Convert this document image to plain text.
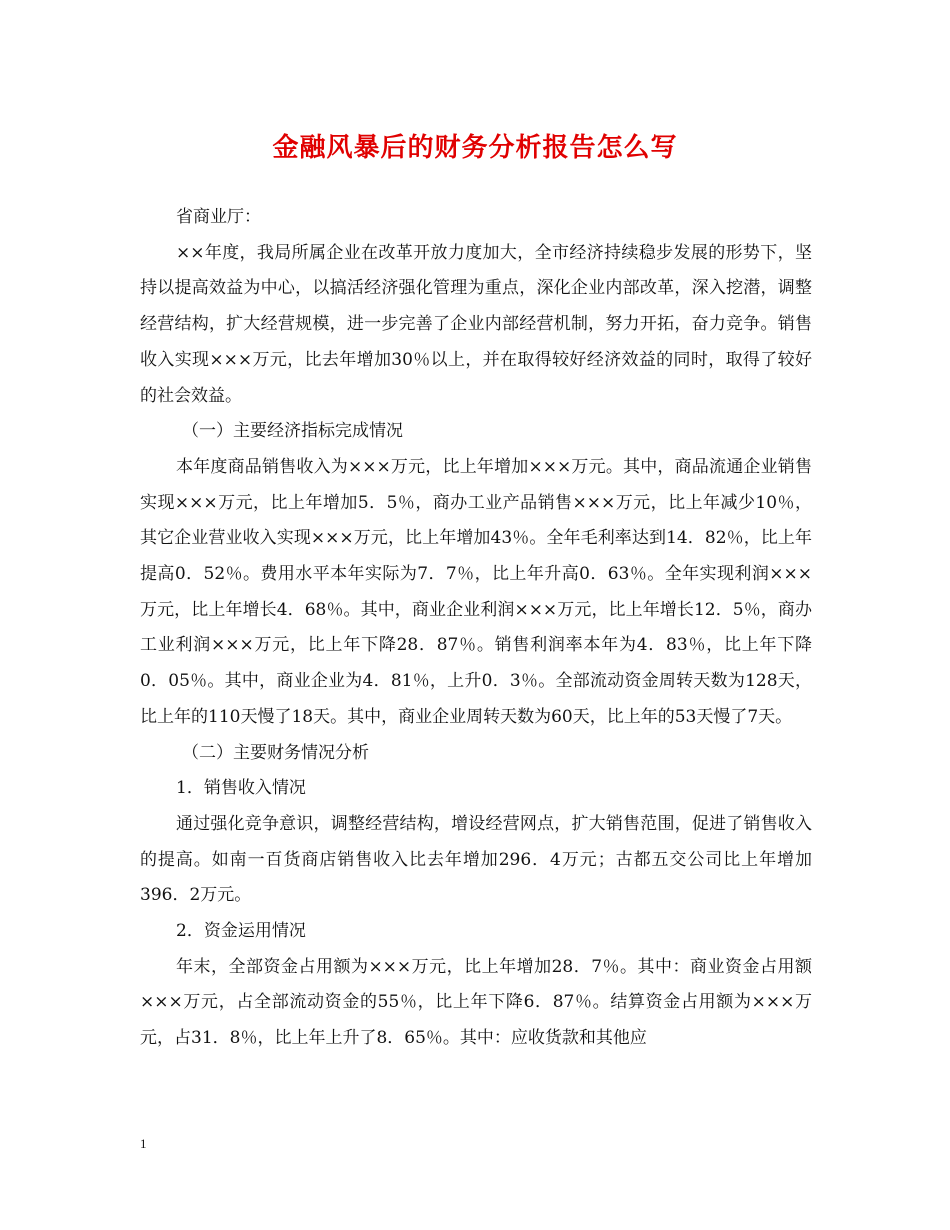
金融风暴后的财务分析报告怎么写

省商业厅：

××年度，我局所属企业在改革开放力度加大，全市经济持续稳步发展的形势下，坚持以提高效益为中心，以搞活经济强化管理为重点，深化企业内部改革，深入挖潜，调整经营结构，扩大经营规模，进一步完善了企业内部经营机制，努力开拓，奋力竞争。销售收入实现×××万元，比去年增加30％以上，并在取得较好经济效益的同时，取得了较好的社会效益。

（一）主要经济指标完成情况

本年度商品销售收入为×××万元，比上年增加×××万元。其中，商品流通企业销售实现×××万元，比上年增加5．5％，商办工业产品销售×××万元，比上年减少10％，其它企业营业收入实现×××万元，比上年增加43％。全年毛利率达到14．82％，比上年提高0．52％。费用水平本年实际为7．7％，比上年升高0．63％。全年实现利润×××万元，比上年增长4．68％。其中，商业企业利润×××万元，比上年增长12．5％，商办工业利润×××万元，比上年下降28．87％。销售利润率本年为4．83％，比上年下降0．05％。其中，商业企业为4．81％，上升0．3％。全部流动资金周转天数为128天，比上年的110天慢了18天。其中，商业企业周转天数为60天，比上年的53天慢了7天。

（二）主要财务情况分析

1．销售收入情况

通过强化竞争意识，调整经营结构，增设经营网点，扩大销售范围，促进了销售收入的提高。如南一百货商店销售收入比去年增加296．4万元；古都五交公司比上年增加396．2万元。

2．资金运用情况

年末，全部资金占用额为×××万元，比上年增加28．7％。其中：商业资金占用额×××万元，占全部流动资金的55％，比上年下降6．87％。结算资金占用额为×××万元，占31．8％，比上年上升了8．65％。其中：应收货款和其他应

1
